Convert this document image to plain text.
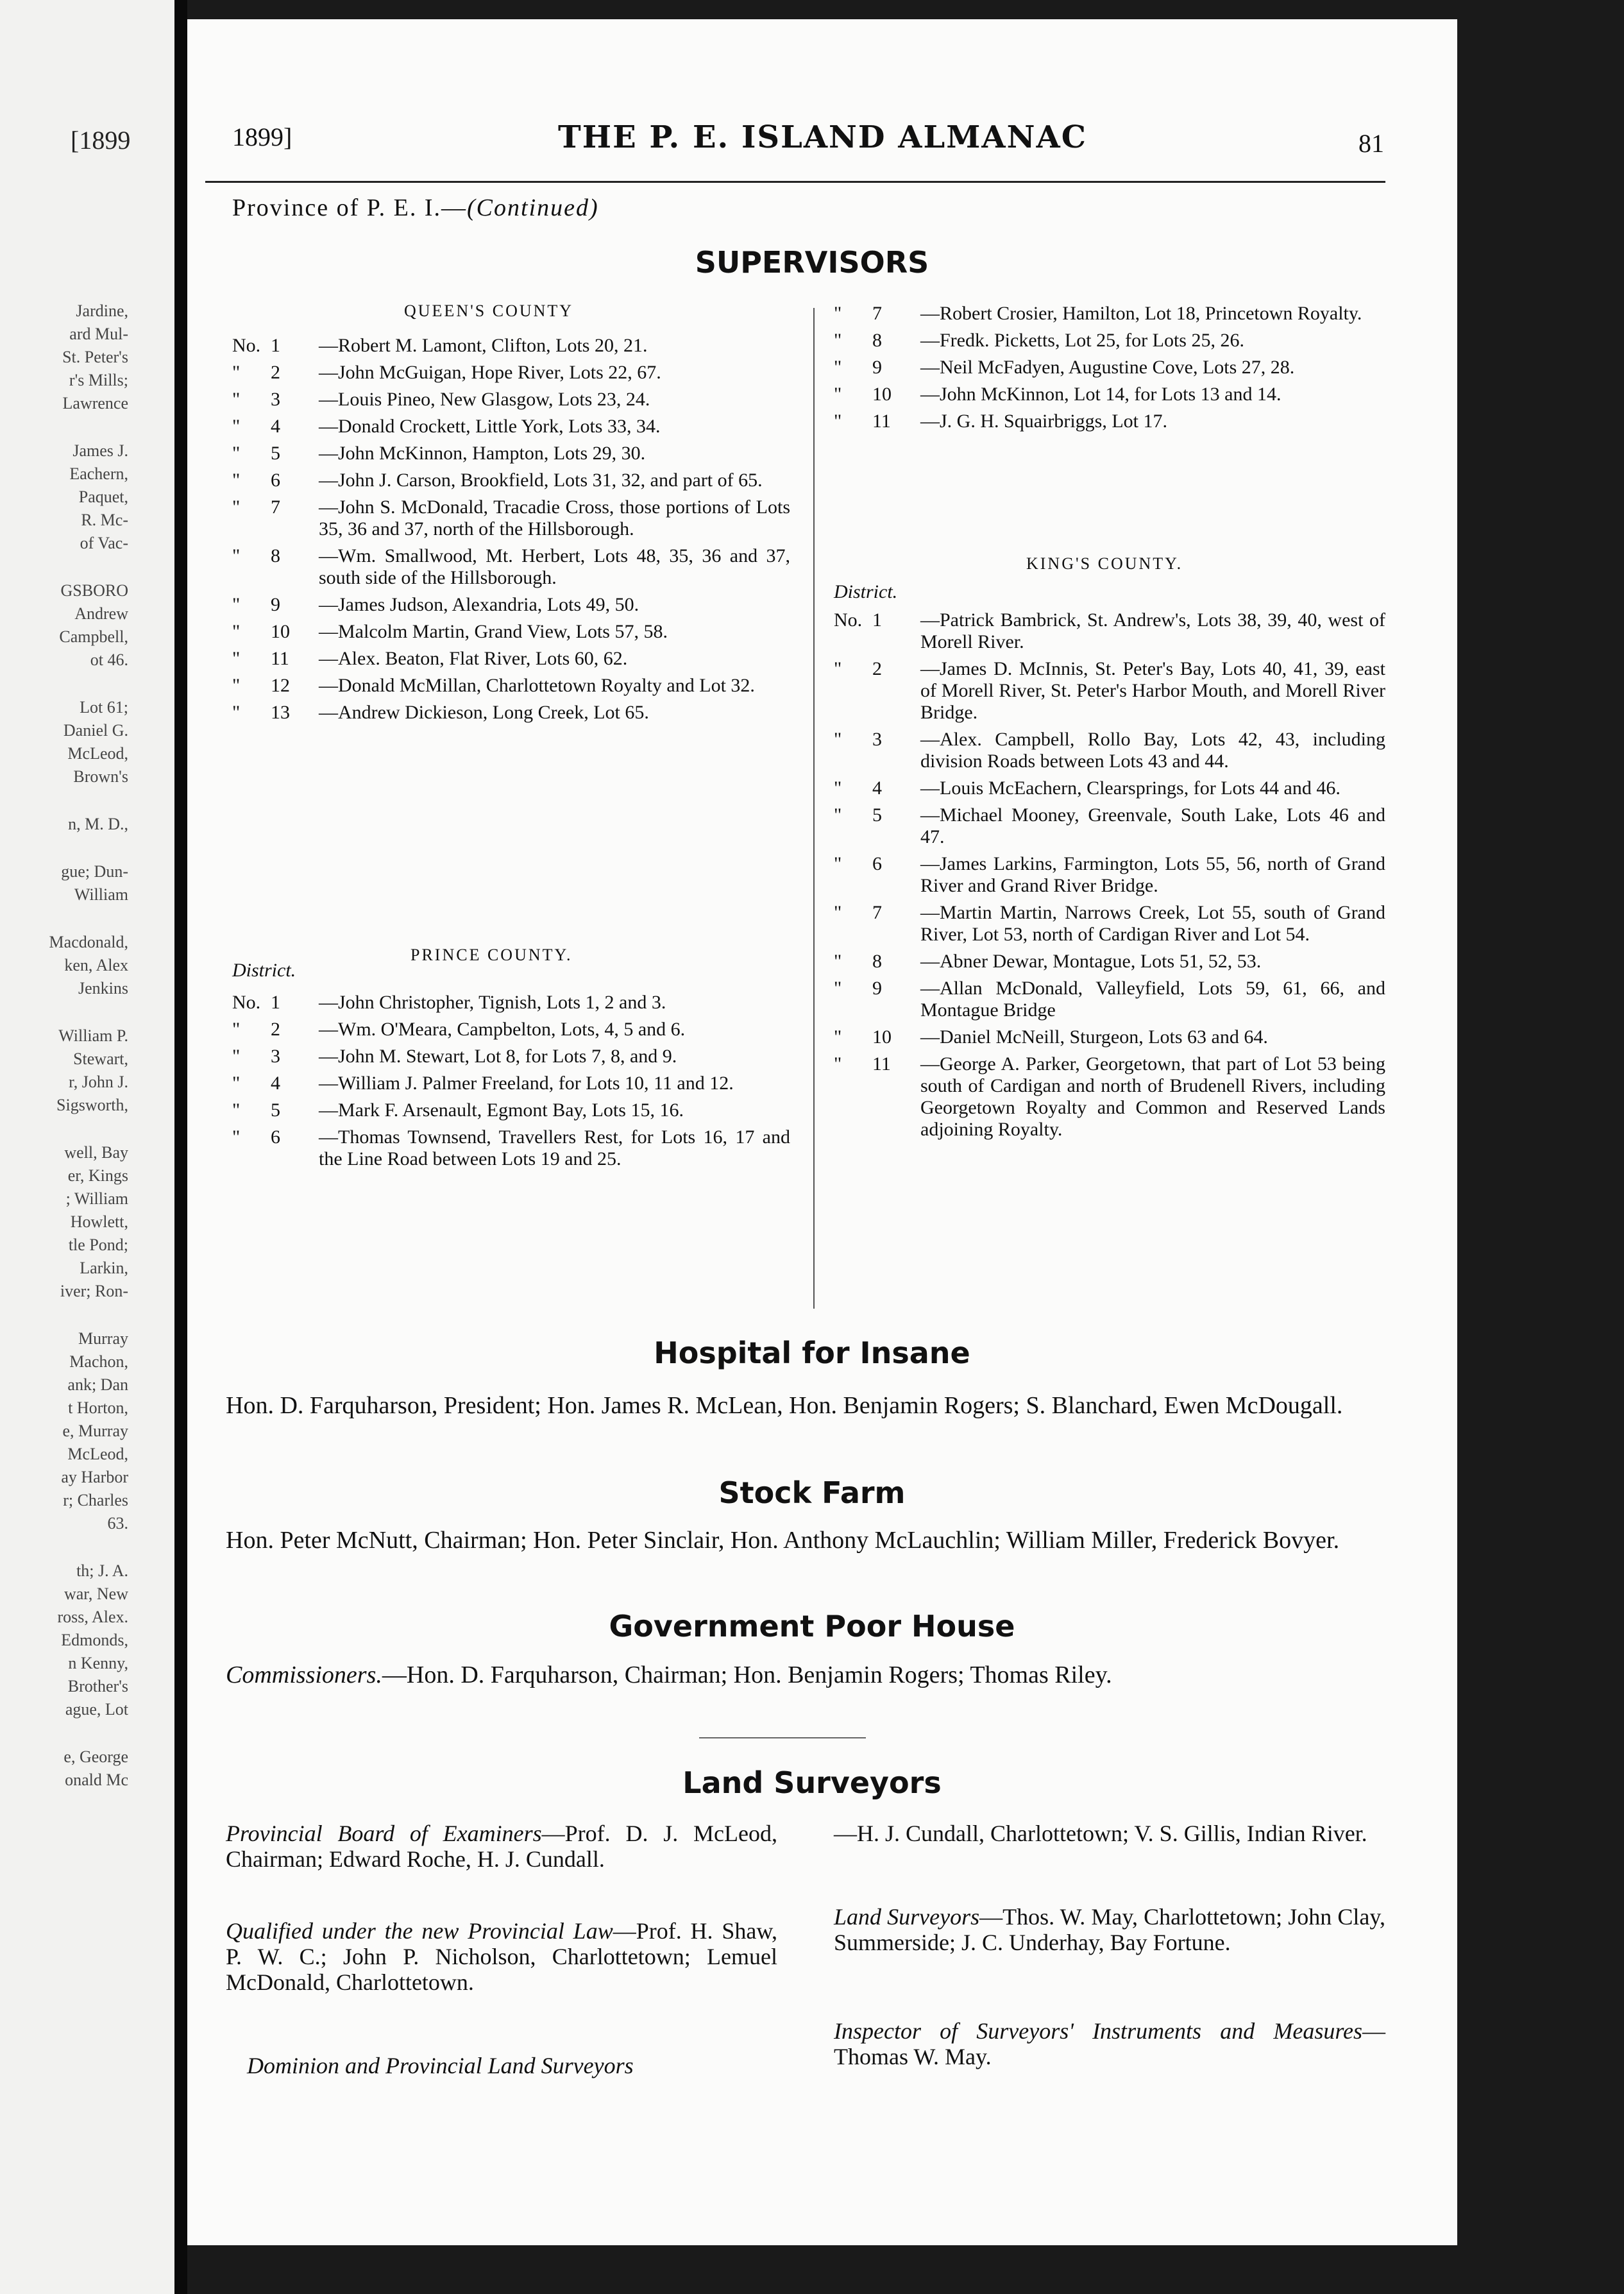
[1899
Jardine,
ard Mul-
St. Peter's
r's Mills;
Lawrence
James J.
Eachern,
Paquet,
R. Mc-
of Vac-
GSBORO
Andrew
Campbell,
ot 46.
Lot 61;
Daniel G.
McLeod,
Brown's
n, M. D.,
gue; Dun-
William
Macdonald,
ken, Alex
Jenkins
William P.
Stewart,
r, John J.
Sigsworth,
well, Bay
er, Kings
; William
Howlett,
tle Pond;
Larkin,
iver; Ron-
Murray
Machon,
ank; Dan
t Horton,
e, Murray
McLeod,
ay Harbor
r; Charles
63.
th; J. A.
war, New
ross, Alex.
Edmonds,
n Kenny,
Brother's
ague, Lot
e, George
onald Mc
1899]	THE P. E. ISLAND ALMANAC	81
Province of P. E. I.—(Continued)
SUPERVISORS
QUEEN'S COUNTY
No. 1 —Robert M. Lamont, Clifton, Lots 20, 21.
"	2 —John McGuigan, Hope River, Lots 22, 67.
"	3 —Louis Pineo, New Glasgow, Lots 23, 24.
"	4 —Donald Crockett, Little York, Lots 33, 34.
"	5 —John McKinnon, Hampton, Lots 29, 30.
"	6 —John J. Carson, Brookfield, Lots 31, 32, and part of 65.
"	7 —John S. McDonald, Tracadie Cross, those portions of Lots 35, 36 and 37, north of the Hillsborough.
"	8 —Wm. Smallwood, Mt. Herbert, Lots 48, 35, 36 and 37, south side of the Hillsborough.
"	9 —James Judson, Alexandria, Lots 49, 50.
"	10 —Malcolm Martin, Grand View, Lots 57, 58.
"	11 —Alex. Beaton, Flat River, Lots 60, 62.
"	12 —Donald McMillan, Charlottetown Royalty and Lot 32.
"	13 —Andrew Dickieson, Long Creek, Lot 65.
PRINCE COUNTY.
District.
No. 1 —John Christopher, Tignish, Lots 1, 2 and 3.
"	2 —Wm. O'Meara, Campbelton, Lots, 4, 5 and 6.
"	3 —John M. Stewart, Lot 8, for Lots 7, 8, and 9.
"	4 —William J. Palmer Freeland, for Lots 10, 11 and 12.
"	5 —Mark F. Arsenault, Egmont Bay, Lots 15, 16.
"	6 —Thomas Townsend, Travellers Rest, for Lots 16, 17 and the Line Road between Lots 19 and 25.
"	7 —Robert Crosier, Hamilton, Lot 18, Princetown Royalty.
"	8 —Fredk. Picketts, Lot 25, for Lots 25, 26.
"	9 —Neil McFadyen, Augustine Cove, Lots 27, 28.
"	10 —John McKinnon, Lot 14, for Lots 13 and 14.
"	11 —J. G. H. Squairbriggs, Lot 17.
KING'S COUNTY.
District.
No. 1 —Patrick Bambrick, St. Andrew's, Lots 38, 39, 40, west of Morell River.
"	2 —James D. McInnis, St. Peter's Bay, Lots 40, 41, 39, east of Morell River, St. Peter's Harbor Mouth, and Morell River Bridge.
"	3 —Alex. Campbell, Rollo Bay, Lots 42, 43, including division Roads between Lots 43 and 44.
"	4 —Louis McEachern, Clearsprings, for Lots 44 and 46.
"	5 —Michael Mooney, Greenvale, South Lake, Lots 46 and 47.
"	6 —James Larkins, Farmington, Lots 55, 56, north of Grand River and Grand River Bridge.
"	7 —Martin Martin, Narrows Creek, Lot 55, south of Grand River, Lot 53, north of Cardigan River and Lot 54.
"	8 —Abner Dewar, Montague, Lots 51, 52, 53.
"	9 —Allan McDonald, Valleyfield, Lots 59, 61, 66, and Montague Bridge
"	10 —Daniel McNeill, Sturgeon, Lots 63 and 64.
"	11 —George A. Parker, Georgetown, that part of Lot 53 being south of Cardigan and north of Brudenell Rivers, including Georgetown Royalty and Common and Reserved Lands adjoining Royalty.
Hospital for Insane
Hon. D. Farquharson, President; Hon. James R. McLean, Hon. Benjamin Rogers; S. Blanchard, Ewen McDougall.
Stock Farm
Hon. Peter McNutt, Chairman; Hon. Peter Sinclair, Hon. Anthony McLauchlin; William Miller, Frederick Bovyer.
Government Poor House
Commissioners.—Hon. D. Farquharson, Chairman; Hon. Benjamin Rogers; Thomas Riley.
Land Surveyors
Provincial Board of Examiners—Prof. D. J. McLeod, Chairman; Edward Roche, H. J. Cundall.
Qualified under the new Provincial Law—Prof. H. Shaw, P. W. C.; John P. Nicholson, Charlottetown; Lemuel McDonald, Charlottetown.
Dominion and Provincial Land Surveyors
—H. J. Cundall, Charlottetown; V. S. Gillis, Indian River.
Land Surveyors—Thos. W. May, Charlottetown; John Clay, Summerside; J. C. Underhay, Bay Fortune.
Inspector of Surveyors' Instruments and Measures—Thomas W. May.
